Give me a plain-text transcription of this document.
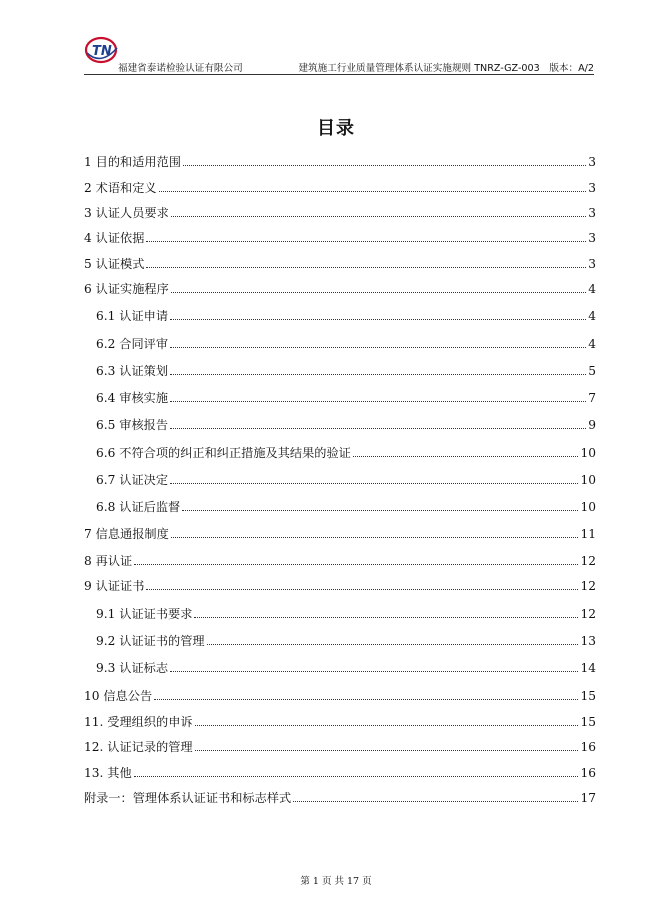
TN
福建省泰诺检验认证有限公司	建筑施工行业质量管理体系认证实施规则 TNRZ-GZ-003　版本：A/2
目录
1 目的和适用范围	3
2 术语和定义	3
3 认证人员要求	3
4 认证依据	3
5 认证模式	3
6 认证实施程序	4
6.1 认证申请	4
6.2 合同评审	4
6.3 认证策划	5
6.4 审核实施	7
6.5 审核报告	9
6.6 不符合项的纠正和纠正措施及其结果的验证	10
6.7 认证决定	10
6.8 认证后监督	10
7 信息通报制度	11
8 再认证	12
9 认证证书	12
9.1 认证证书要求	12
9.2 认证证书的管理	13
9.3 认证标志	14
10 信息公告	15
11. 受理组织的申诉	15
12. 认证记录的管理	16
13. 其他	16
附录一：管理体系认证证书和标志样式	17
第 1 页 共 17 页
